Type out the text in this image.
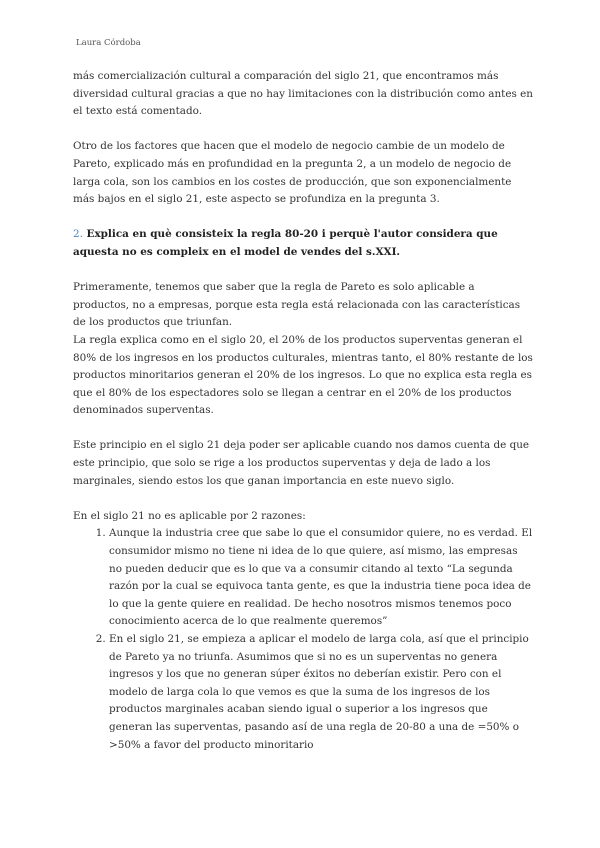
Laura Córdoba

más comercialización cultural a comparación del siglo 21, que encontramos más diversidad cultural gracias a que no hay limitaciones con la distribución como antes en el texto está comentado.

Otro de los factores que hacen que el modelo de negocio cambie de un modelo de Pareto, explicado más en profundidad en la pregunta 2, a un modelo de negocio de larga cola, son los cambios en los costes de producción, que son exponencialmente más bajos en el siglo 21, este aspecto se profundiza en la pregunta 3.

2. Explica en què consisteix la regla 80-20 i perquè l'autor considera que aquesta no es compleix en el model de vendes del s.XXI.

Primeramente, tenemos que saber que la regla de Pareto es solo aplicable a productos, no a empresas, porque esta regla está relacionada con las características de los productos que triunfan.

La regla explica como en el siglo 20, el 20% de los productos superventas generan el 80% de los ingresos en los productos culturales, mientras tanto, el 80% restante de los productos minoritarios generan el 20% de los ingresos. Lo que no explica esta regla es que el 80% de los espectadores solo se llegan a centrar en el 20% de los productos denominados superventas.

Este principio en el siglo 21 deja poder ser aplicable cuando nos damos cuenta de que este principio, que solo se rige a los productos superventas y deja de lado a los marginales, siendo estos los que ganan importancia en este nuevo siglo.

En el siglo 21 no es aplicable por 2 razones:

1. Aunque la industria cree que sabe lo que el consumidor quiere, no es verdad. El consumidor mismo no tiene ni idea de lo que quiere, así mismo, las empresas no pueden deducir que es lo que va a consumir citando al texto “La segunda razón por la cual se equivoca tanta gente, es que la industria tiene poca idea de lo que la gente quiere en realidad. De hecho nosotros mismos tenemos poco conocimiento acerca de lo que realmente queremos”
2. En el siglo 21, se empieza a aplicar el modelo de larga cola, así que el principio de Pareto ya no triunfa. Asumimos que si no es un superventas no genera ingresos y los que no generan súper éxitos no deberían existir. Pero con el modelo de larga cola lo que vemos es que la suma de los ingresos de los productos marginales acaban siendo igual o superior a los ingresos que generan las superventas, pasando así de una regla de 20-80 a una de =50% o >50% a favor del producto minoritario
